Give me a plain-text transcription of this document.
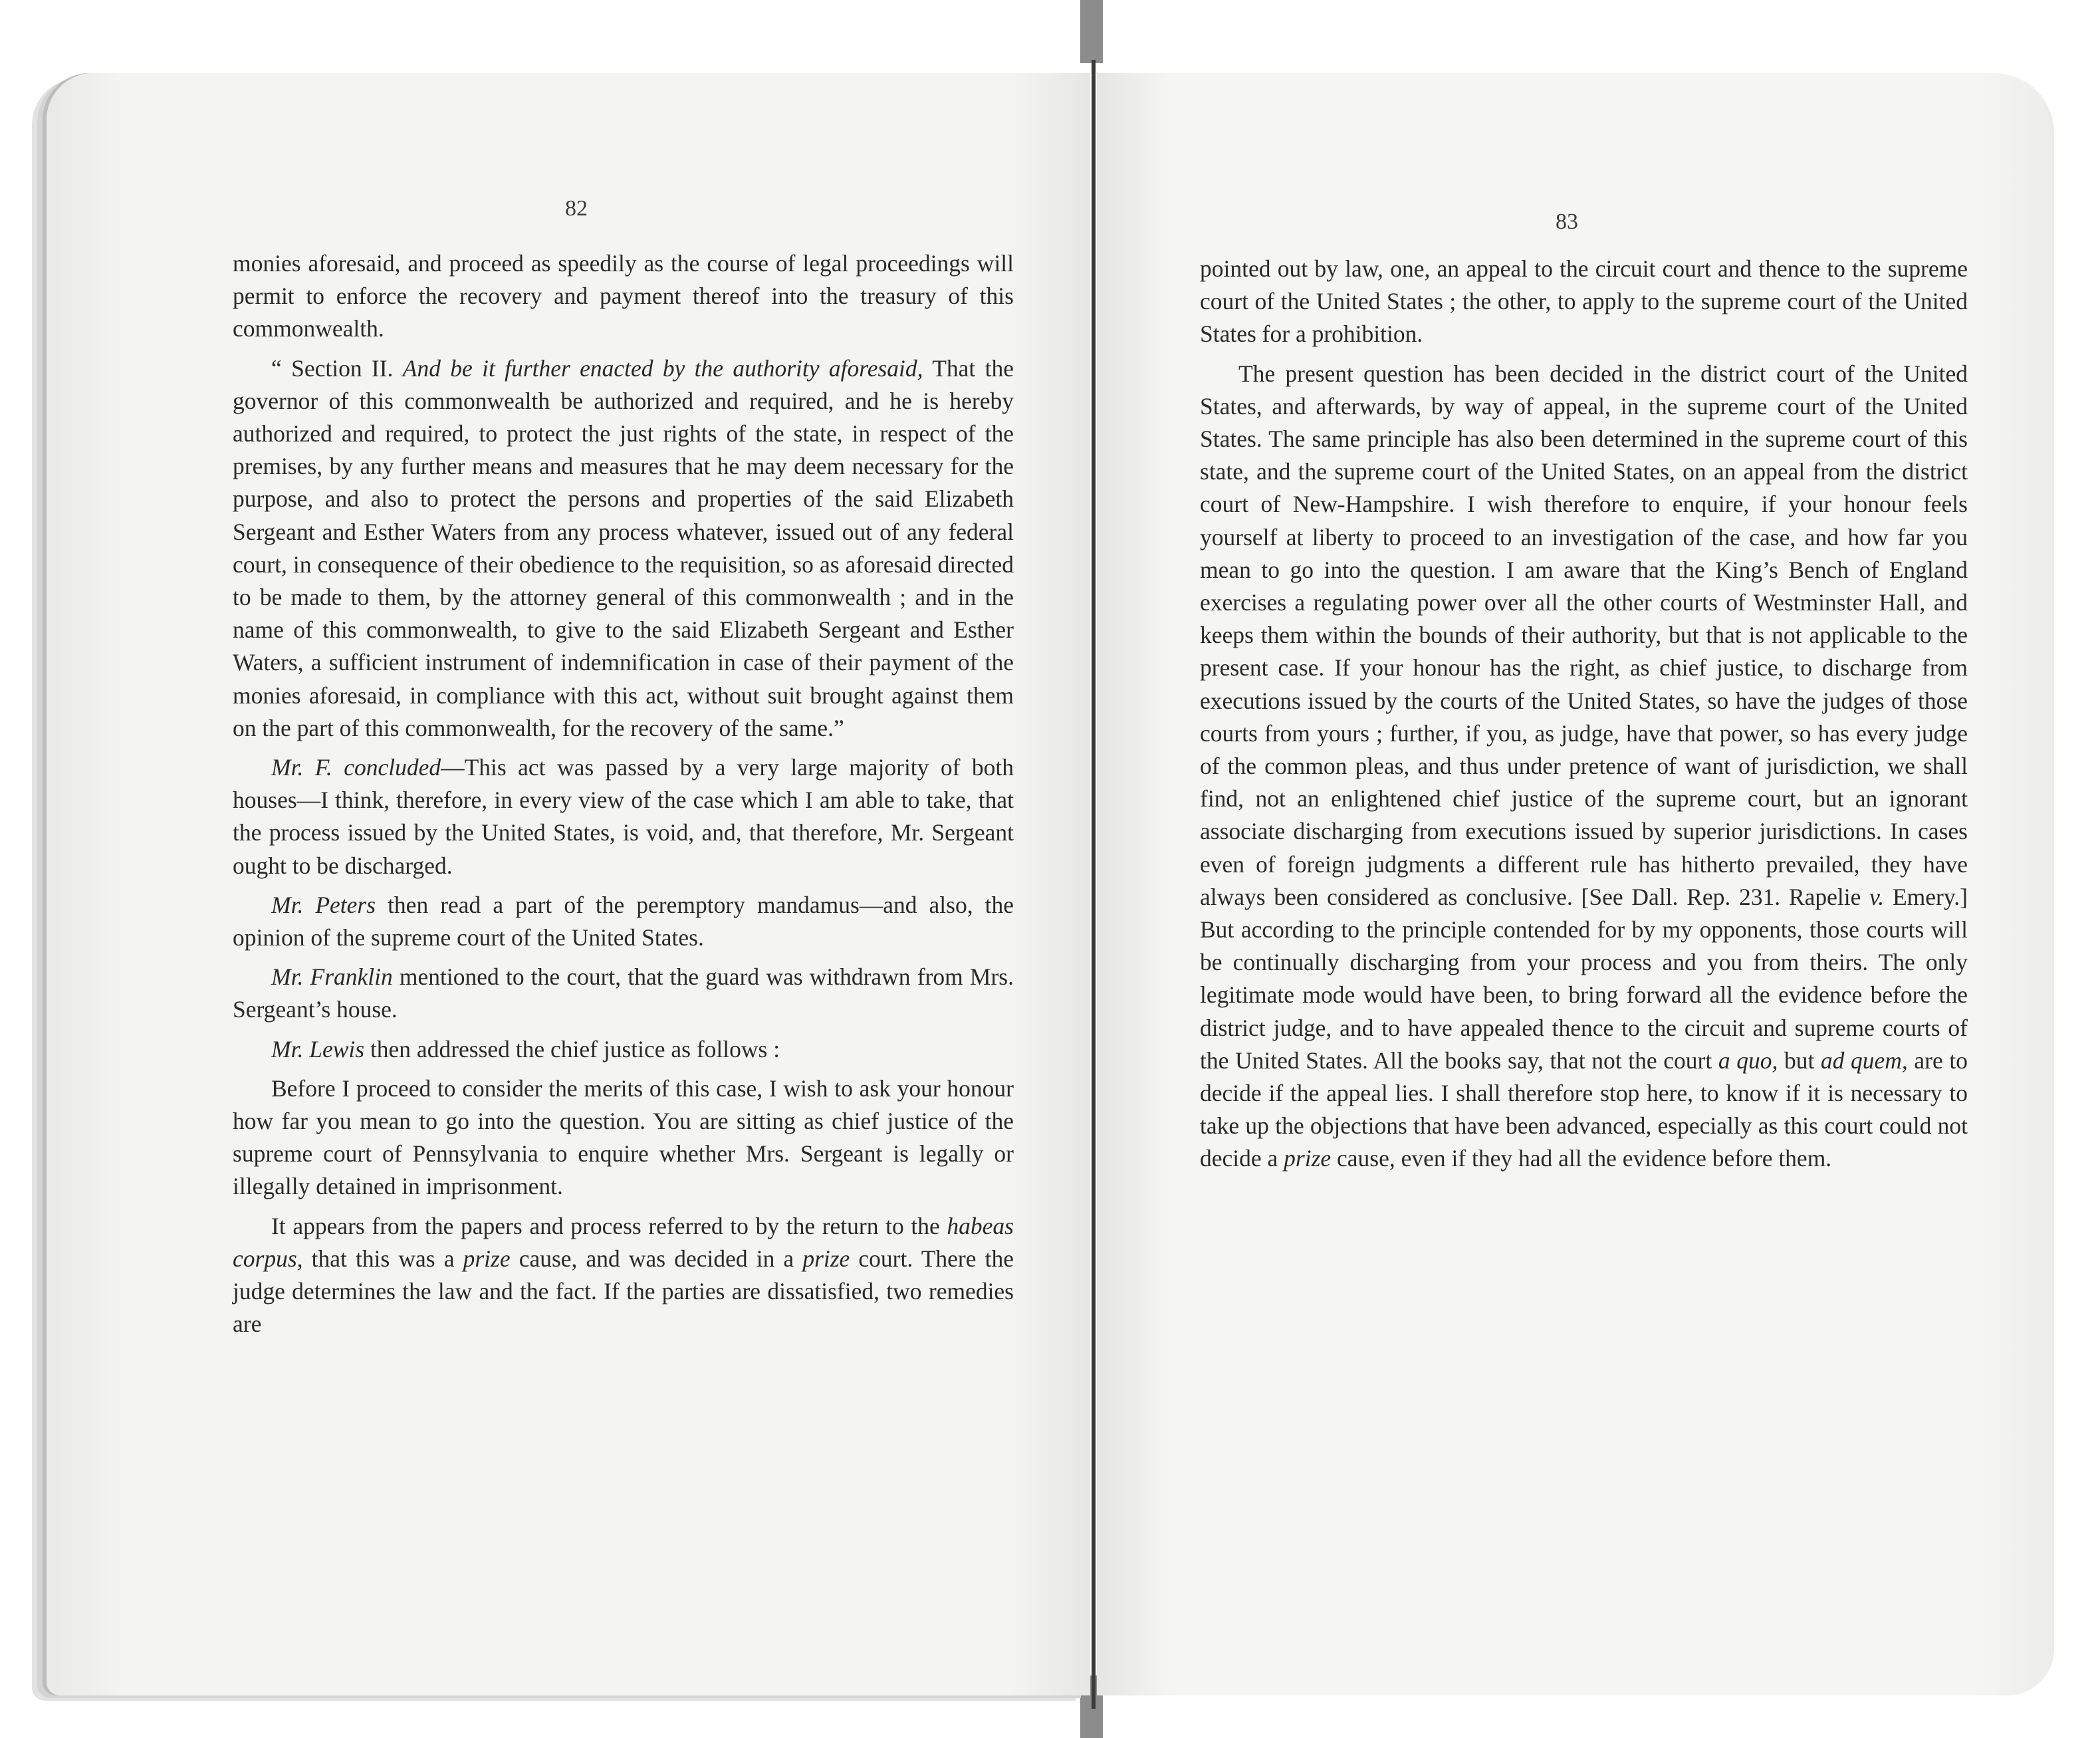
82

monies aforesaid, and proceed as speedily as the course of legal proceedings will permit to enforce the recovery and payment thereof into the treasury of this commonwealth.

“ Section II. And be it further enacted by the authority aforesaid, That the governor of this commonwealth be authorized and required, and he is hereby authorized and required, to protect the just rights of the state, in respect of the premises, by any further means and measures that he may deem necessary for the purpose, and also to protect the persons and properties of the said Elizabeth Sergeant and Esther Waters from any process whatever, issued out of any federal court, in consequence of their obedience to the requisition, so as aforesaid directed to be made to them, by the attorney general of this commonwealth ; and in the name of this commonwealth, to give to the said Elizabeth Sergeant and Esther Waters, a sufficient instrument of indemnification in case of their payment of the monies aforesaid, in compliance with this act, without suit brought against them on the part of this commonwealth, for the recovery of the same.”

Mr. F. concluded—This act was passed by a very large majority of both houses—I think, therefore, in every view of the case which I am able to take, that the process issued by the United States, is void, and, that therefore, Mr. Sergeant ought to be discharged.

Mr. Peters then read a part of the peremptory mandamus—and also, the opinion of the supreme court of the United States.

Mr. Franklin mentioned to the court, that the guard was withdrawn from Mrs. Sergeant’s house.

Mr. Lewis then addressed the chief justice as follows :

Before I proceed to consider the merits of this case, I wish to ask your honour how far you mean to go into the question. You are sitting as chief justice of the supreme court of Pennsylvania to enquire whether Mrs. Sergeant is legally or illegally detained in imprisonment.

It appears from the papers and process referred to by the return to the habeas corpus, that this was a prize cause, and was decided in a prize court. There the judge determines the law and the fact. If the parties are dissatisfied, two remedies are

83

pointed out by law, one, an appeal to the circuit court and thence to the supreme court of the United States ; the other, to apply to the supreme court of the United States for a prohibition.

The present question has been decided in the district court of the United States, and afterwards, by way of appeal, in the supreme court of the United States. The same principle has also been determined in the supreme court of this state, and the supreme court of the United States, on an appeal from the district court of New-Hampshire. I wish therefore to enquire, if your honour feels yourself at liberty to proceed to an investigation of the case, and how far you mean to go into the question. I am aware that the King’s Bench of England exercises a regulating power over all the other courts of Westminster Hall, and keeps them within the bounds of their authority, but that is not applicable to the present case. If your honour has the right, as chief justice, to discharge from executions issued by the courts of the United States, so have the judges of those courts from yours ; further, if you, as judge, have that power, so has every judge of the common pleas, and thus under pretence of want of jurisdiction, we shall find, not an enlightened chief justice of the supreme court, but an ignorant associate discharging from executions issued by superior jurisdictions. In cases even of foreign judgments a different rule has hitherto prevailed, they have always been considered as conclusive. [See Dall. Rep. 231. Rapelie v. Emery.] But according to the principle contended for by my opponents, those courts will be continually discharging from your process and you from theirs. The only legitimate mode would have been, to bring forward all the evidence before the district judge, and to have appealed thence to the circuit and supreme courts of the United States. All the books say, that not the court a quo, but ad quem, are to decide if the appeal lies. I shall therefore stop here, to know if it is necessary to take up the objections that have been advanced, especially as this court could not decide a prize cause, even if they had all the evidence before them.
